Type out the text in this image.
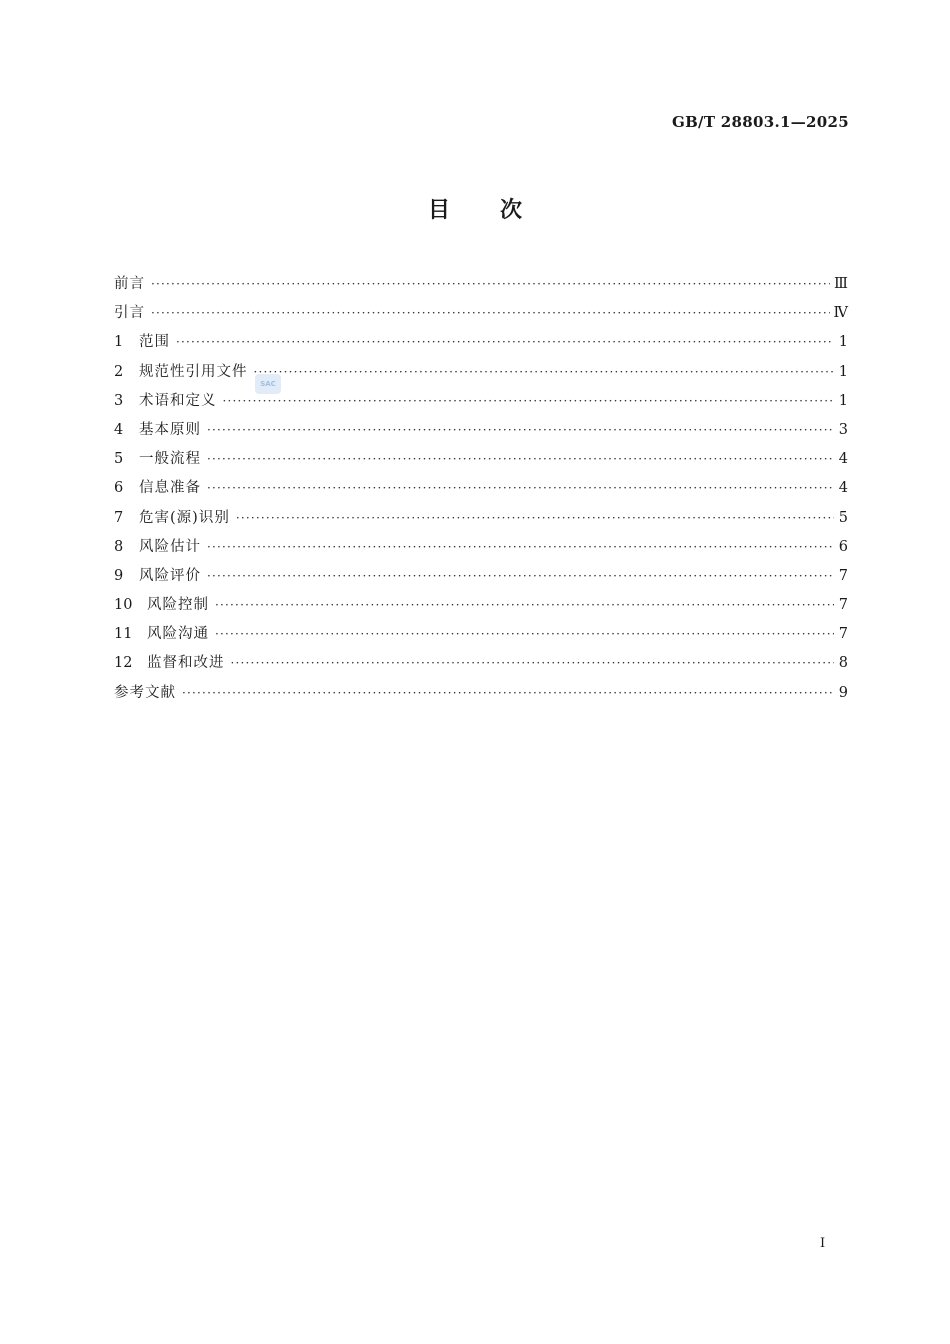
GB/T 28803.1—2025
目 次
前言 ·····	Ⅲ
引言 ·····	Ⅳ
1	范围 ·····	1
2	规范性引用文件 ·····	1
3	术语和定义 ·····	1
4	基本原则 ·····	3
5	一般流程 ·····	4
6	信息准备 ·····	4
7	危害(源)识别 ·····	5
8	风险估计 ·····	6
9	风险评价 ·····	7
10	风险控制 ·····	7
11	风险沟通 ·····	7
12	监督和改进 ·····	8
参考文献 ·····	9
SAC
I
